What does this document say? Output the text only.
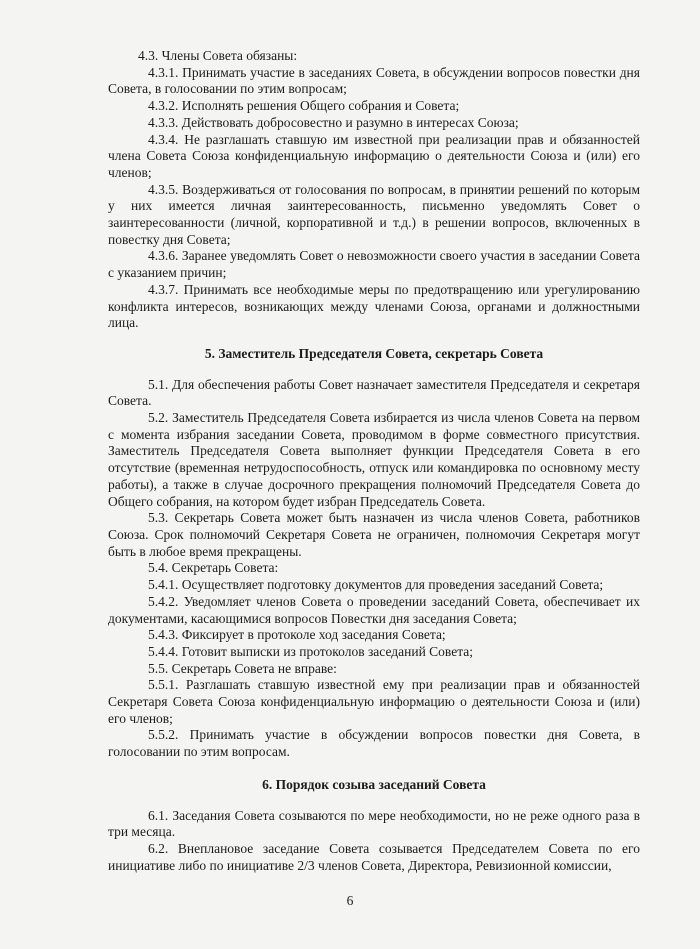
4.3. Члены Совета обязаны:

4.3.1. Принимать участие в заседаниях Совета, в обсуждении вопросов повестки дня Совета, в голосовании по этим вопросам;

4.3.2. Исполнять решения Общего собрания и Совета;

4.3.3. Действовать добросовестно и разумно в интересах Союза;

4.3.4. Не разглашать ставшую им известной при реализации прав и обязанностей члена Совета Союза конфиденциальную информацию о деятельности Союза и (или) его членов;

4.3.5. Воздерживаться от голосования по вопросам, в принятии решений по которым у них имеется личная заинтересованность, письменно уведомлять Совет о заинтересованности (личной, корпоративной и т.д.) в решении вопросов, включенных в повестку дня Совета;

4.3.6. Заранее уведомлять Совет о невозможности своего участия в заседании Совета с указанием причин;

4.3.7. Принимать все необходимые меры по предотвращению или урегулированию конфликта интересов, возникающих между членами Союза, органами и должностными лица.

5. Заместитель Председателя Совета, секретарь Совета

5.1. Для обеспечения работы Совет назначает заместителя Председателя и секретаря Совета.

5.2. Заместитель Председателя Совета избирается из числа членов Совета на первом с момента избрания заседании Совета, проводимом в форме совместного присутствия. Заместитель Председателя Совета выполняет функции Председателя Совета в его отсутствие (временная нетрудоспособность, отпуск или командировка по основному месту работы), а также в случае досрочного прекращения полномочий Председателя Совета до Общего собрания, на котором будет избран Председатель Совета.

5.3. Секретарь Совета может быть назначен из числа членов Совета, работников Союза. Срок полномочий Секретаря Совета не ограничен, полномочия Секретаря могут быть в любое время прекращены.

5.4. Секретарь Совета:

5.4.1. Осуществляет подготовку документов для проведения заседаний Совета;

5.4.2. Уведомляет членов Совета о проведении заседаний Совета, обеспечивает их документами, касающимися вопросов Повестки дня заседания Совета;

5.4.3. Фиксирует в протоколе ход заседания Совета;

5.4.4. Готовит выписки из протоколов заседаний Совета;

5.5. Секретарь Совета не вправе:

5.5.1. Разглашать ставшую известной ему при реализации прав и обязанностей Секретаря Совета Союза конфиденциальную информацию о деятельности Союза и (или) его членов;

5.5.2. Принимать участие в обсуждении вопросов повестки дня Совета, в голосовании по этим вопросам.

6. Порядок созыва заседаний Совета

6.1. Заседания Совета созываются по мере необходимости, но не реже одного раза в три месяца.

6.2. Внеплановое заседание Совета созывается Председателем Совета по его инициативе либо по инициативе 2/3 членов Совета, Директора, Ревизионной комиссии,

6
